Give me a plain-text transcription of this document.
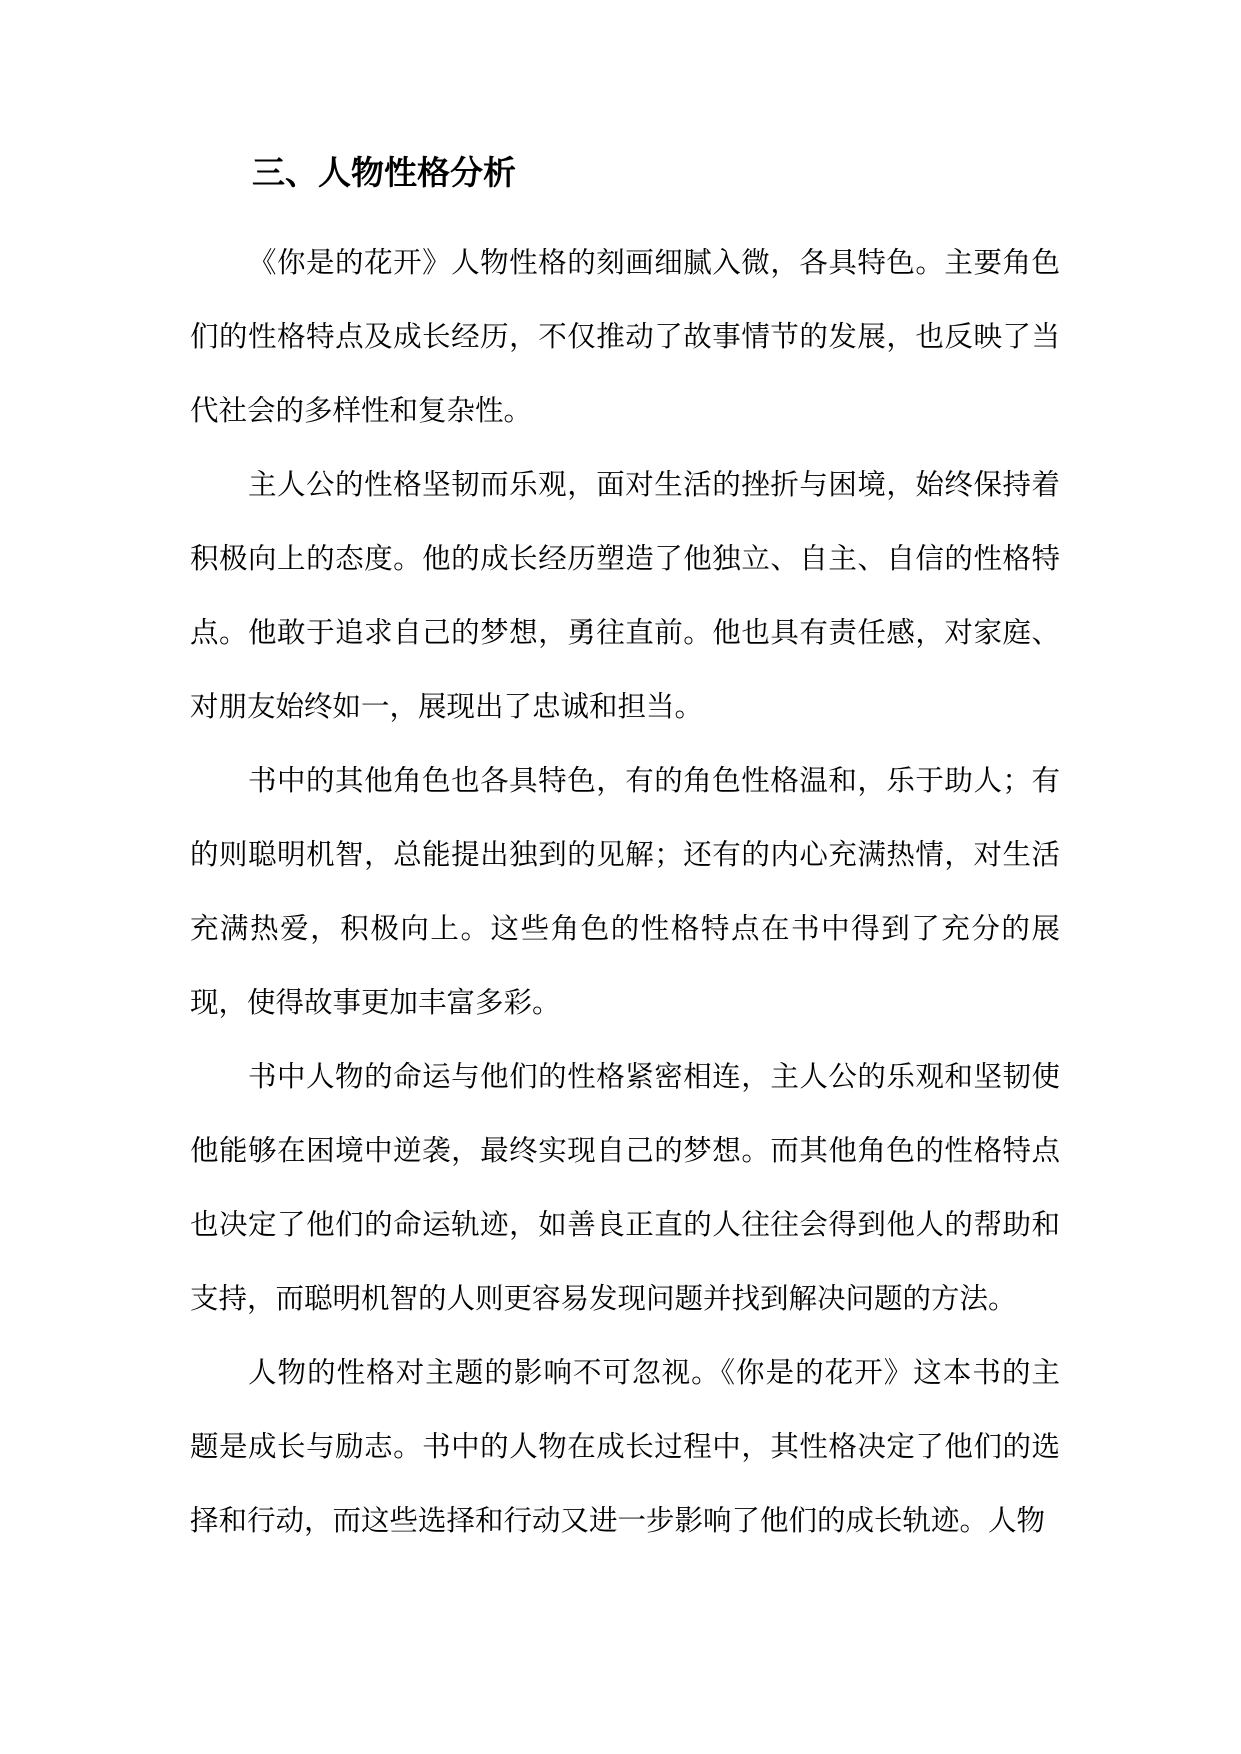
三、人物性格分析

《你是的花开》人物性格的刻画细腻入微，各具特色。主要角色们的性格特点及成长经历，不仅推动了故事情节的发展，也反映了当代社会的多样性和复杂性。

主人公的性格坚韧而乐观，面对生活的挫折与困境，始终保持着积极向上的态度。他的成长经历塑造了他独立、自主、自信的性格特点。他敢于追求自己的梦想，勇往直前。他也具有责任感，对家庭、对朋友始终如一，展现出了忠诚和担当。

书中的其他角色也各具特色，有的角色性格温和，乐于助人；有的则聪明机智，总能提出独到的见解；还有的内心充满热情，对生活充满热爱，积极向上。这些角色的性格特点在书中得到了充分的展现，使得故事更加丰富多彩。

书中人物的命运与他们的性格紧密相连，主人公的乐观和坚韧使他能够在困境中逆袭，最终实现自己的梦想。而其他角色的性格特点也决定了他们的命运轨迹，如善良正直的人往往会得到他人的帮助和支持，而聪明机智的人则更容易发现问题并找到解决问题的方法。

人物的性格对主题的影响不可忽视。《你是的花开》这本书的主题是成长与励志。书中的人物在成长过程中，其性格决定了他们的选择和行动，而这些选择和行动又进一步影响了他们的成长轨迹。人物
